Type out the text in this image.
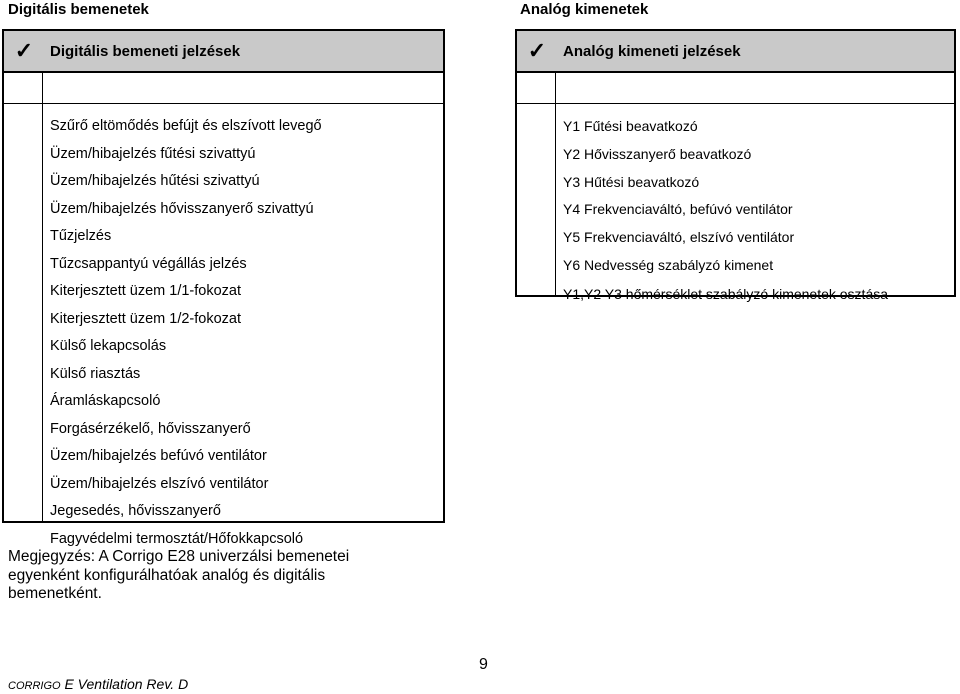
Digitális bemenetek	Analóg kimenetek
✓	Digitális bemeneti jelzések
Szűrő eltömődés befújt és elszívott levegő
Üzem/hibajelzés fűtési szivattyú
Üzem/hibajelzés hűtési szivattyú
Üzem/hibajelzés hővisszanyerő szivattyú
Tűzjelzés
Tűzcsappantyú végállás jelzés
Kiterjesztett üzem 1/1-fokozat
Kiterjesztett üzem 1/2-fokozat
Külső lekapcsolás
Külső riasztás
Áramláskapcsoló
Forgásérzékelő, hővisszanyerő
Üzem/hibajelzés befúvó ventilátor
Üzem/hibajelzés elszívó ventilátor
Jegesedés, hővisszanyerő
Fagyvédelmi termosztát/Hőfokkapcsoló
✓	Analóg kimeneti jelzések
Y1 Fűtési beavatkozó
Y2 Hővisszanyerő beavatkozó
Y3 Hűtési beavatkozó
Y4 Frekvenciaváltó, befúvó ventilátor
Y5 Frekvenciaváltó, elszívó ventilátor
Y6 Nedvesség szabályzó kimenet
Y1,Y2 Y3 hőmérséklet szabályzó kimenetek osztása
Megjegyzés: A Corrigo E28 univerzálsi bemenetei egyenként konfigurálhatóak analóg és digitális bemenetként.
9
CORRIGO E Ventilation Rev. D
